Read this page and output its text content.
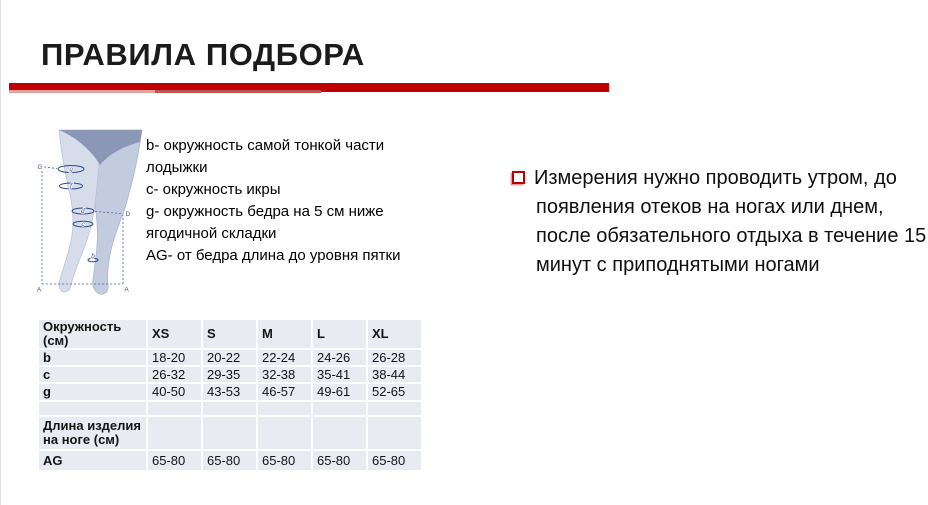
ПРАВИЛА ПОДБОРА
g
f
d
c
b
G
D
A	A
b- окружность самой тонкой части лодыжки
c- окружность икры
g- окружность бедра на 5 см ниже ягодичной складки
AG- от бедра длина до уровня пятки

Измерения нужно проводить утром, до появления отеков на ногах или днем, после обязательного отдыха в течение 15 минут с приподнятыми ногами

Окружность (см)	XS	S	M	L	XL
b	18-20	20-22	22-24	24-26	26-28
c	26-32	29-35	32-38	35-41	38-44
g	40-50	43-53	46-57	49-61	52-65

Длина изделия на ноге (см)					
AG	65-80	65-80	65-80	65-80	65-80
